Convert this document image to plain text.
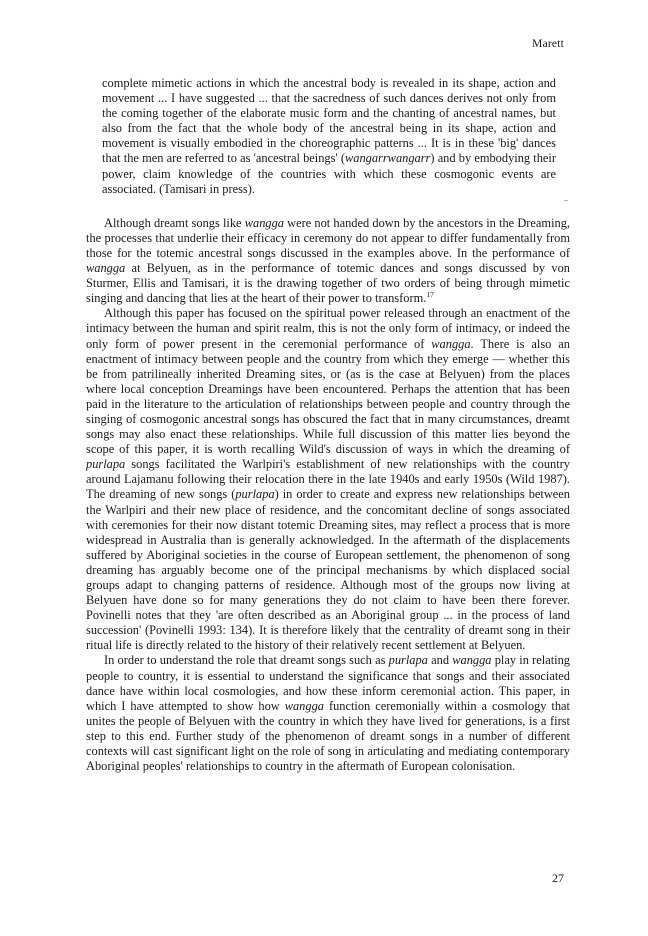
Marett

complete mimetic actions in which the ancestral body is revealed in its shape, action and movement ... I have suggested ... that the sacredness of such dances derives not only from the coming together of the elaborate music form and the chanting of ancestral names, but also from the fact that the whole body of the ancestral being in its shape, action and movement is visually embodied in the choreographic patterns ... It is in these 'big' dances that the men are referred to as 'ancestral beings' (wangarrwangarr) and by embodying their power, claim knowledge of the countries with which these cosmogonic events are associated. (Tamisari in press).

Although dreamt songs like wangga were not handed down by the ancestors in the Dreaming, the processes that underlie their efficacy in ceremony do not appear to differ fundamentally from those for the totemic ancestral songs discussed in the examples above. In the performance of wangga at Belyuen, as in the performance of totemic dances and songs discussed by von Sturmer, Ellis and Tamisari, it is the drawing together of two orders of being through mimetic singing and dancing that lies at the heart of their power to transform.$^{17}$

Although this paper has focused on the spiritual power released through an enactment of the intimacy between the human and spirit realm, this is not the only form of intimacy, or indeed the only form of power present in the ceremonial performance of wangga. There is also an enactment of intimacy between people and the country from which they emerge — whether this be from patrilineally inherited Dreaming sites, or (as is the case at Belyuen) from the places where local conception Dreamings have been encountered. Perhaps the attention that has been paid in the literature to the articulation of relationships between people and country through the singing of cosmogonic ancestral songs has obscured the fact that in many circumstances, dreamt songs may also enact these relationships. While full discussion of this matter lies beyond the scope of this paper, it is worth recalling Wild's discussion of ways in which the dreaming of purlapa songs facilitated the Warlpiri's establishment of new relationships with the country around Lajamanu following their relocation there in the late 1940s and early 1950s (Wild 1987). The dreaming of new songs (purlapa) in order to create and express new relationships between the Warlpiri and their new place of residence, and the concomitant decline of songs associated with ceremonies for their now distant totemic Dreaming sites, may reflect a process that is more widespread in Australia than is generally acknowledged. In the aftermath of the displacements suffered by Aboriginal societies in the course of European settlement, the phenomenon of song dreaming has arguably become one of the principal mechanisms by which displaced social groups adapt to changing patterns of residence. Although most of the groups now living at Belyuen have done so for many generations they do not claim to have been there forever. Povinelli notes that they 'are often described as an Aboriginal group ... in the process of land succession' (Povinelli 1993: 134). It is therefore likely that the centrality of dreamt song in their ritual life is directly related to the history of their relatively recent settlement at Belyuen.

In order to understand the role that dreamt songs such as purlapa and wangga play in relating people to country, it is essential to understand the significance that songs and their associated dance have within local cosmologies, and how these inform ceremonial action. This paper, in which I have attempted to show how wangga function ceremonially within a cosmology that unites the people of Belyuen with the country in which they have lived for generations, is a first step to this end. Further study of the phenomenon of dreamt songs in a number of different contexts will cast significant light on the role of song in articulating and mediating contemporary Aboriginal peoples' relationships to country in the aftermath of European colonisation.

27
